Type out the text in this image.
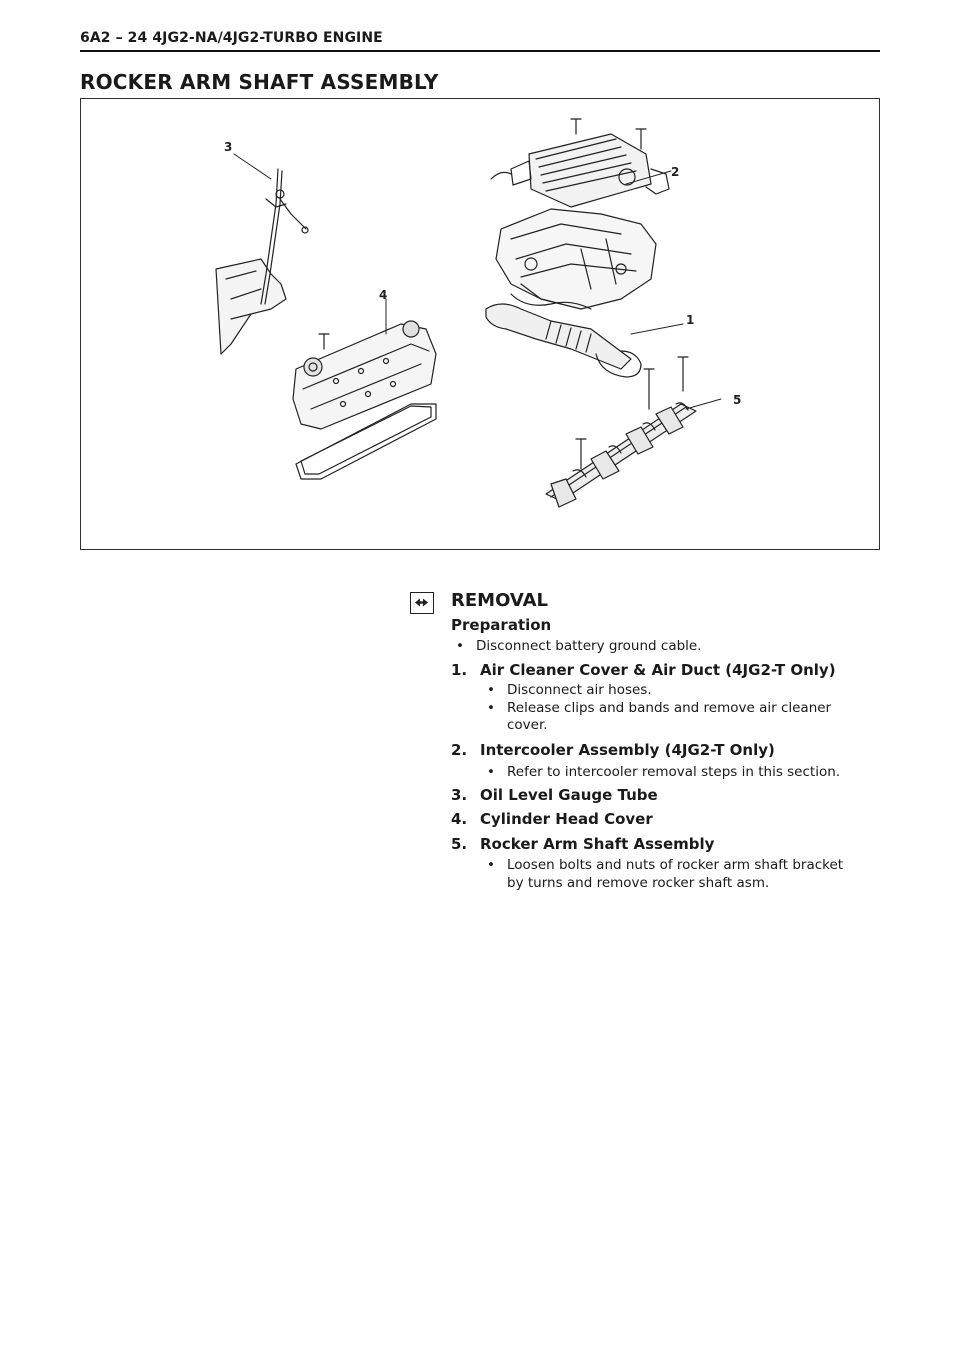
6A2 – 24 4JG2-NA/4JG2-TURBO ENGINE
ROCKER ARM SHAFT ASSEMBLY
3
2
1
4
5
REMOVAL
Preparation
• Disconnect battery ground cable.
1. Air Cleaner Cover & Air Duct (4JG2-T Only)
• Disconnect air hoses.
• Release clips and bands and remove air cleaner
cover.
2. Intercooler Assembly (4JG2-T Only)
• Refer to intercooler removal steps in this section.
3. Oil Level Gauge Tube
4. Cylinder Head Cover
5. Rocker Arm Shaft Assembly
• Loosen bolts and nuts of rocker arm shaft bracket
by turns and remove rocker shaft asm.
